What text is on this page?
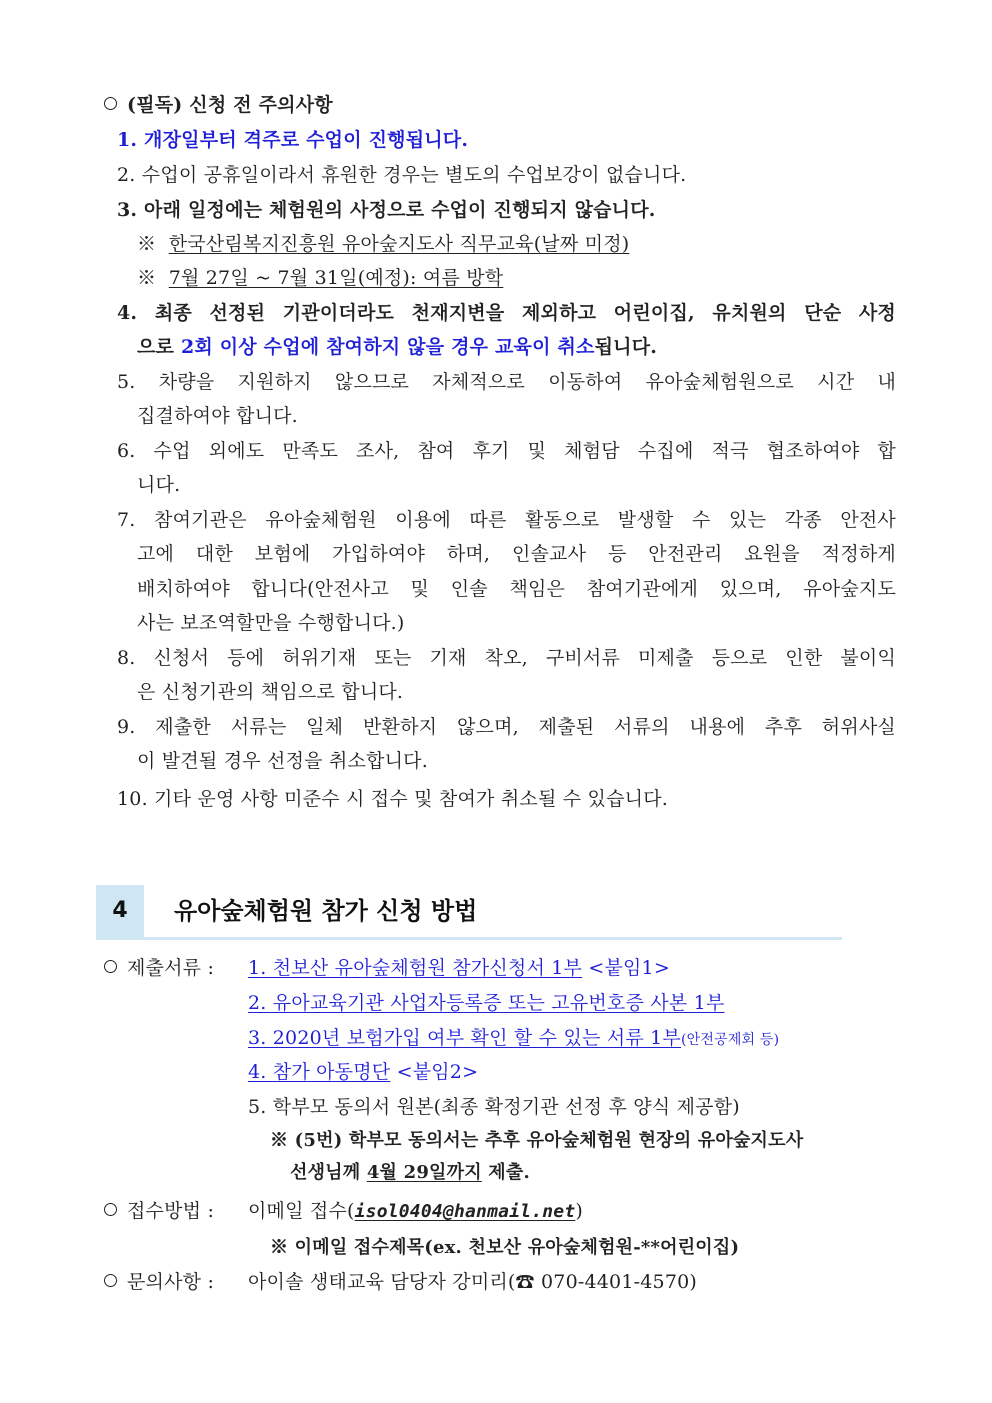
(필독) 신청 전 주의사항
1. 개장일부터 격주로 수업이 진행됩니다.
2. 수업이 공휴일이라서 휴원한 경우는 별도의 수업보강이 없습니다.
3. 아래 일정에는 체험원의 사정으로 수업이 진행되지 않습니다.
※ 한국산림복지진흥원 유아숲지도사 직무교육(날짜 미정)
※ 7월 27일 ~ 7월 31일(예정): 여름 방학
4. 최종 선정된 기관이더라도 천재지변을 제외하고 어린이집, 유치원의 단순 사정
으로 2회 이상 수업에 참여하지 않을 경우 교육이 취소됩니다.
5. 차량을 지원하지 않으므로 자체적으로 이동하여 유아숲체험원으로 시간 내
집결하여야 합니다.
6. 수업 외에도 만족도 조사, 참여 후기 및 체험담 수집에 적극 협조하여야 합
니다.
7. 참여기관은 유아숲체험원 이용에 따른 활동으로 발생할 수 있는 각종 안전사
고에 대한 보험에 가입하여야 하며, 인솔교사 등 안전관리 요원을 적정하게
배치하여야 합니다(안전사고 및 인솔 책임은 참여기관에게 있으며, 유아숲지도
사는 보조역할만을 수행합니다.)
8. 신청서 등에 허위기재 또는 기재 착오, 구비서류 미제출 등으로 인한 불이익
은 신청기관의 책임으로 합니다.
9. 제출한 서류는 일체 반환하지 않으며, 제출된 서류의 내용에 추후 허위사실
이 발견될 경우 선정을 취소합니다.
10. 기타 운영 사항 미준수 시 접수 및 참여가 취소될 수 있습니다.
4	유아숲체험원 참가 신청 방법
제출서류 : 1. 천보산 유아숲체험원 참가신청서 1부 <붙임1>
2. 유아교육기관 사업자등록증 또는 고유번호증 사본 1부
3. 2020년 보험가입 여부 확인 할 수 있는 서류 1부(안전공제회 등)
4. 참가 아동명단 <붙임2>
5. 학부모 동의서 원본(최종 확정기관 선정 후 양식 제공함)
※ (5번) 학부모 동의서는 추후 유아숲체험원 현장의 유아숲지도사
선생님께 4월 29일까지 제출.
접수방법 : 이메일 접수(isol0404@hanmail.net)
※ 이메일 접수제목(ex. 천보산 유아숲체험원-**어린이집)
문의사항 : 아이솔 생태교육 담당자 강미리(☎ 070-4401-4570)
